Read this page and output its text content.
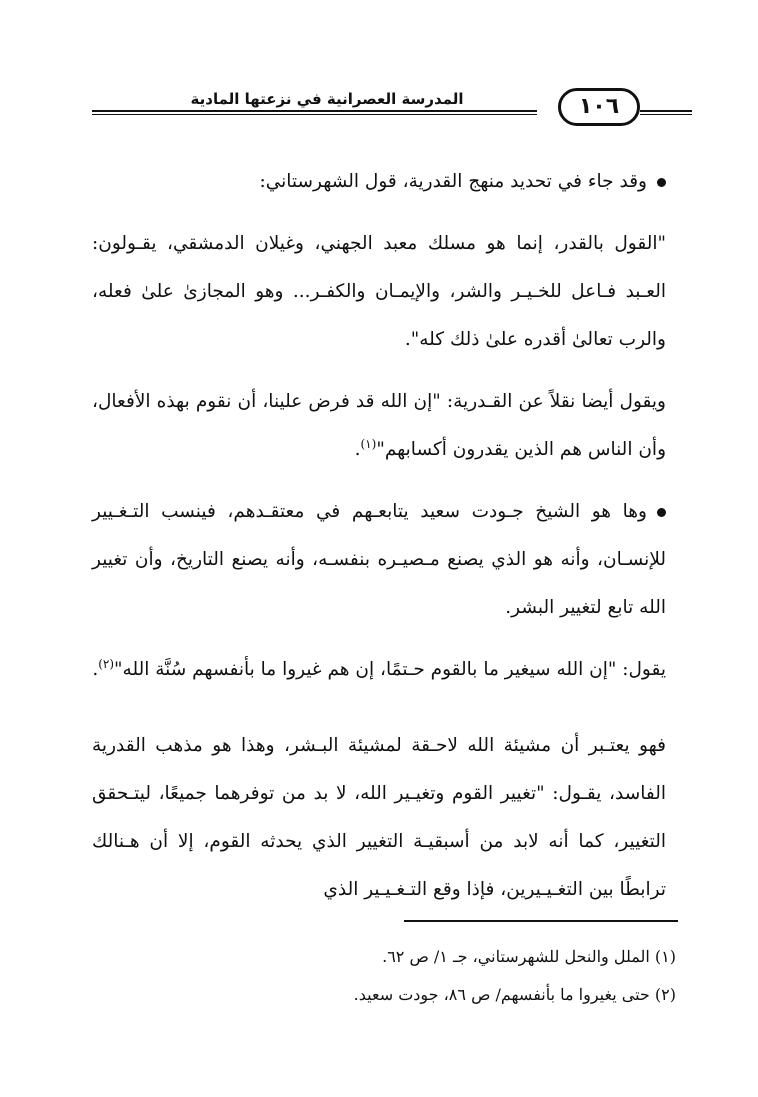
١٠٦
المدرسة العصرانية في نزعتها المادية

وقد جاء في تحديد منهج القدرية، قول الشهرستاني:

"القول بالقدر، إنما هو مسلك معبد الجهني، وغيلان الدمشقي، يقـولون: العـبد فـاعل للخـيـر والشر، والإيمـان والكفـر... وهو المجازىٰ علىٰ فعله، والرب تعالىٰ أقدره علىٰ ذلك كله".

ويقول أيضا نقلاً عن القـدرية: "إن الله قد فرض علينا، أن نقوم بهذه الأفعال، وأن الناس هم الذين يقدرون أكسابهم"$^{(١)}$.

وها هو الشيخ جـودت سعيد يتابعـهم في معتقـدهم، فينسب التـغـيير للإنسـان، وأنه هو الذي يصنع مـصيـره بنفسـه، وأنه يصنع التاريخ، وأن تغيير الله تابع لتغيير البشر.

يقول: "إن الله سيغير ما بالقوم حـتمًا، إن هم غيروا ما بأنفسهم سُنَّة الله"$^{(٢)}$.

فهو يعتـبر أن مشيئة الله لاحـقة لمشيئة البـشر، وهذا هو مذهب القدرية الفاسد، يقـول: "تغيير القوم وتغيـير الله، لا بد من توفرهما جميعًا، ليتـحقق التغيير، كما أنه لابد من أسبقيـة التغيير الذي يحدثه القوم، إلا أن هـنالك ترابطًا بين التغـيـيرين، فإذا وقع التـغـيـير الذي

(١) الملل والنحل للشهرستاني، جـ ١/ ص ٦٢.

(٢) حتى يغيروا ما بأنفسهم/ ص ٨٦، جودت سعيد.
